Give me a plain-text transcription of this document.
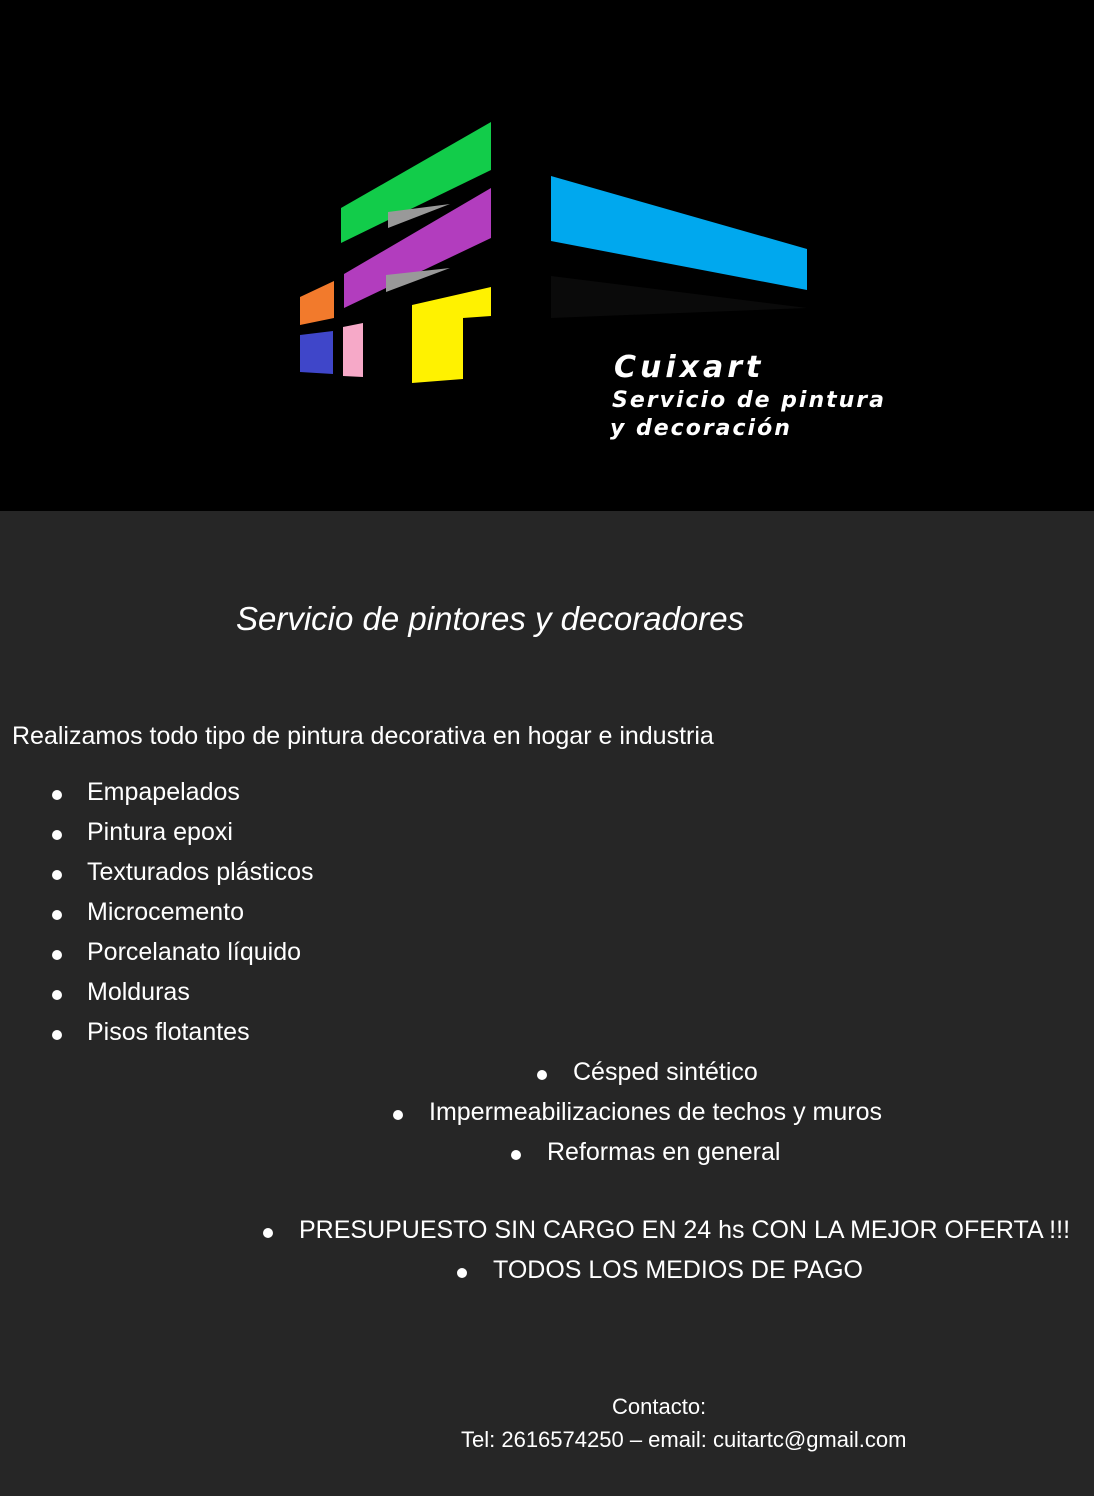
Cuixart
Servicio de pintura
y decoración
Servicio de pintores y decoradores
Realizamos todo tipo de pintura decorativa en hogar e industria
Empapelados
Pintura epoxi
Texturados plásticos
Microcemento
Porcelanato líquido
Molduras
Pisos flotantes
Césped sintético
Impermeabilizaciones de techos y muros
Reformas en general
PRESUPUESTO SIN CARGO EN 24 hs CON LA MEJOR OFERTA !!!
TODOS LOS MEDIOS DE PAGO
Contacto:
Tel: 2616574250 – email: cuitartc@gmail.com
